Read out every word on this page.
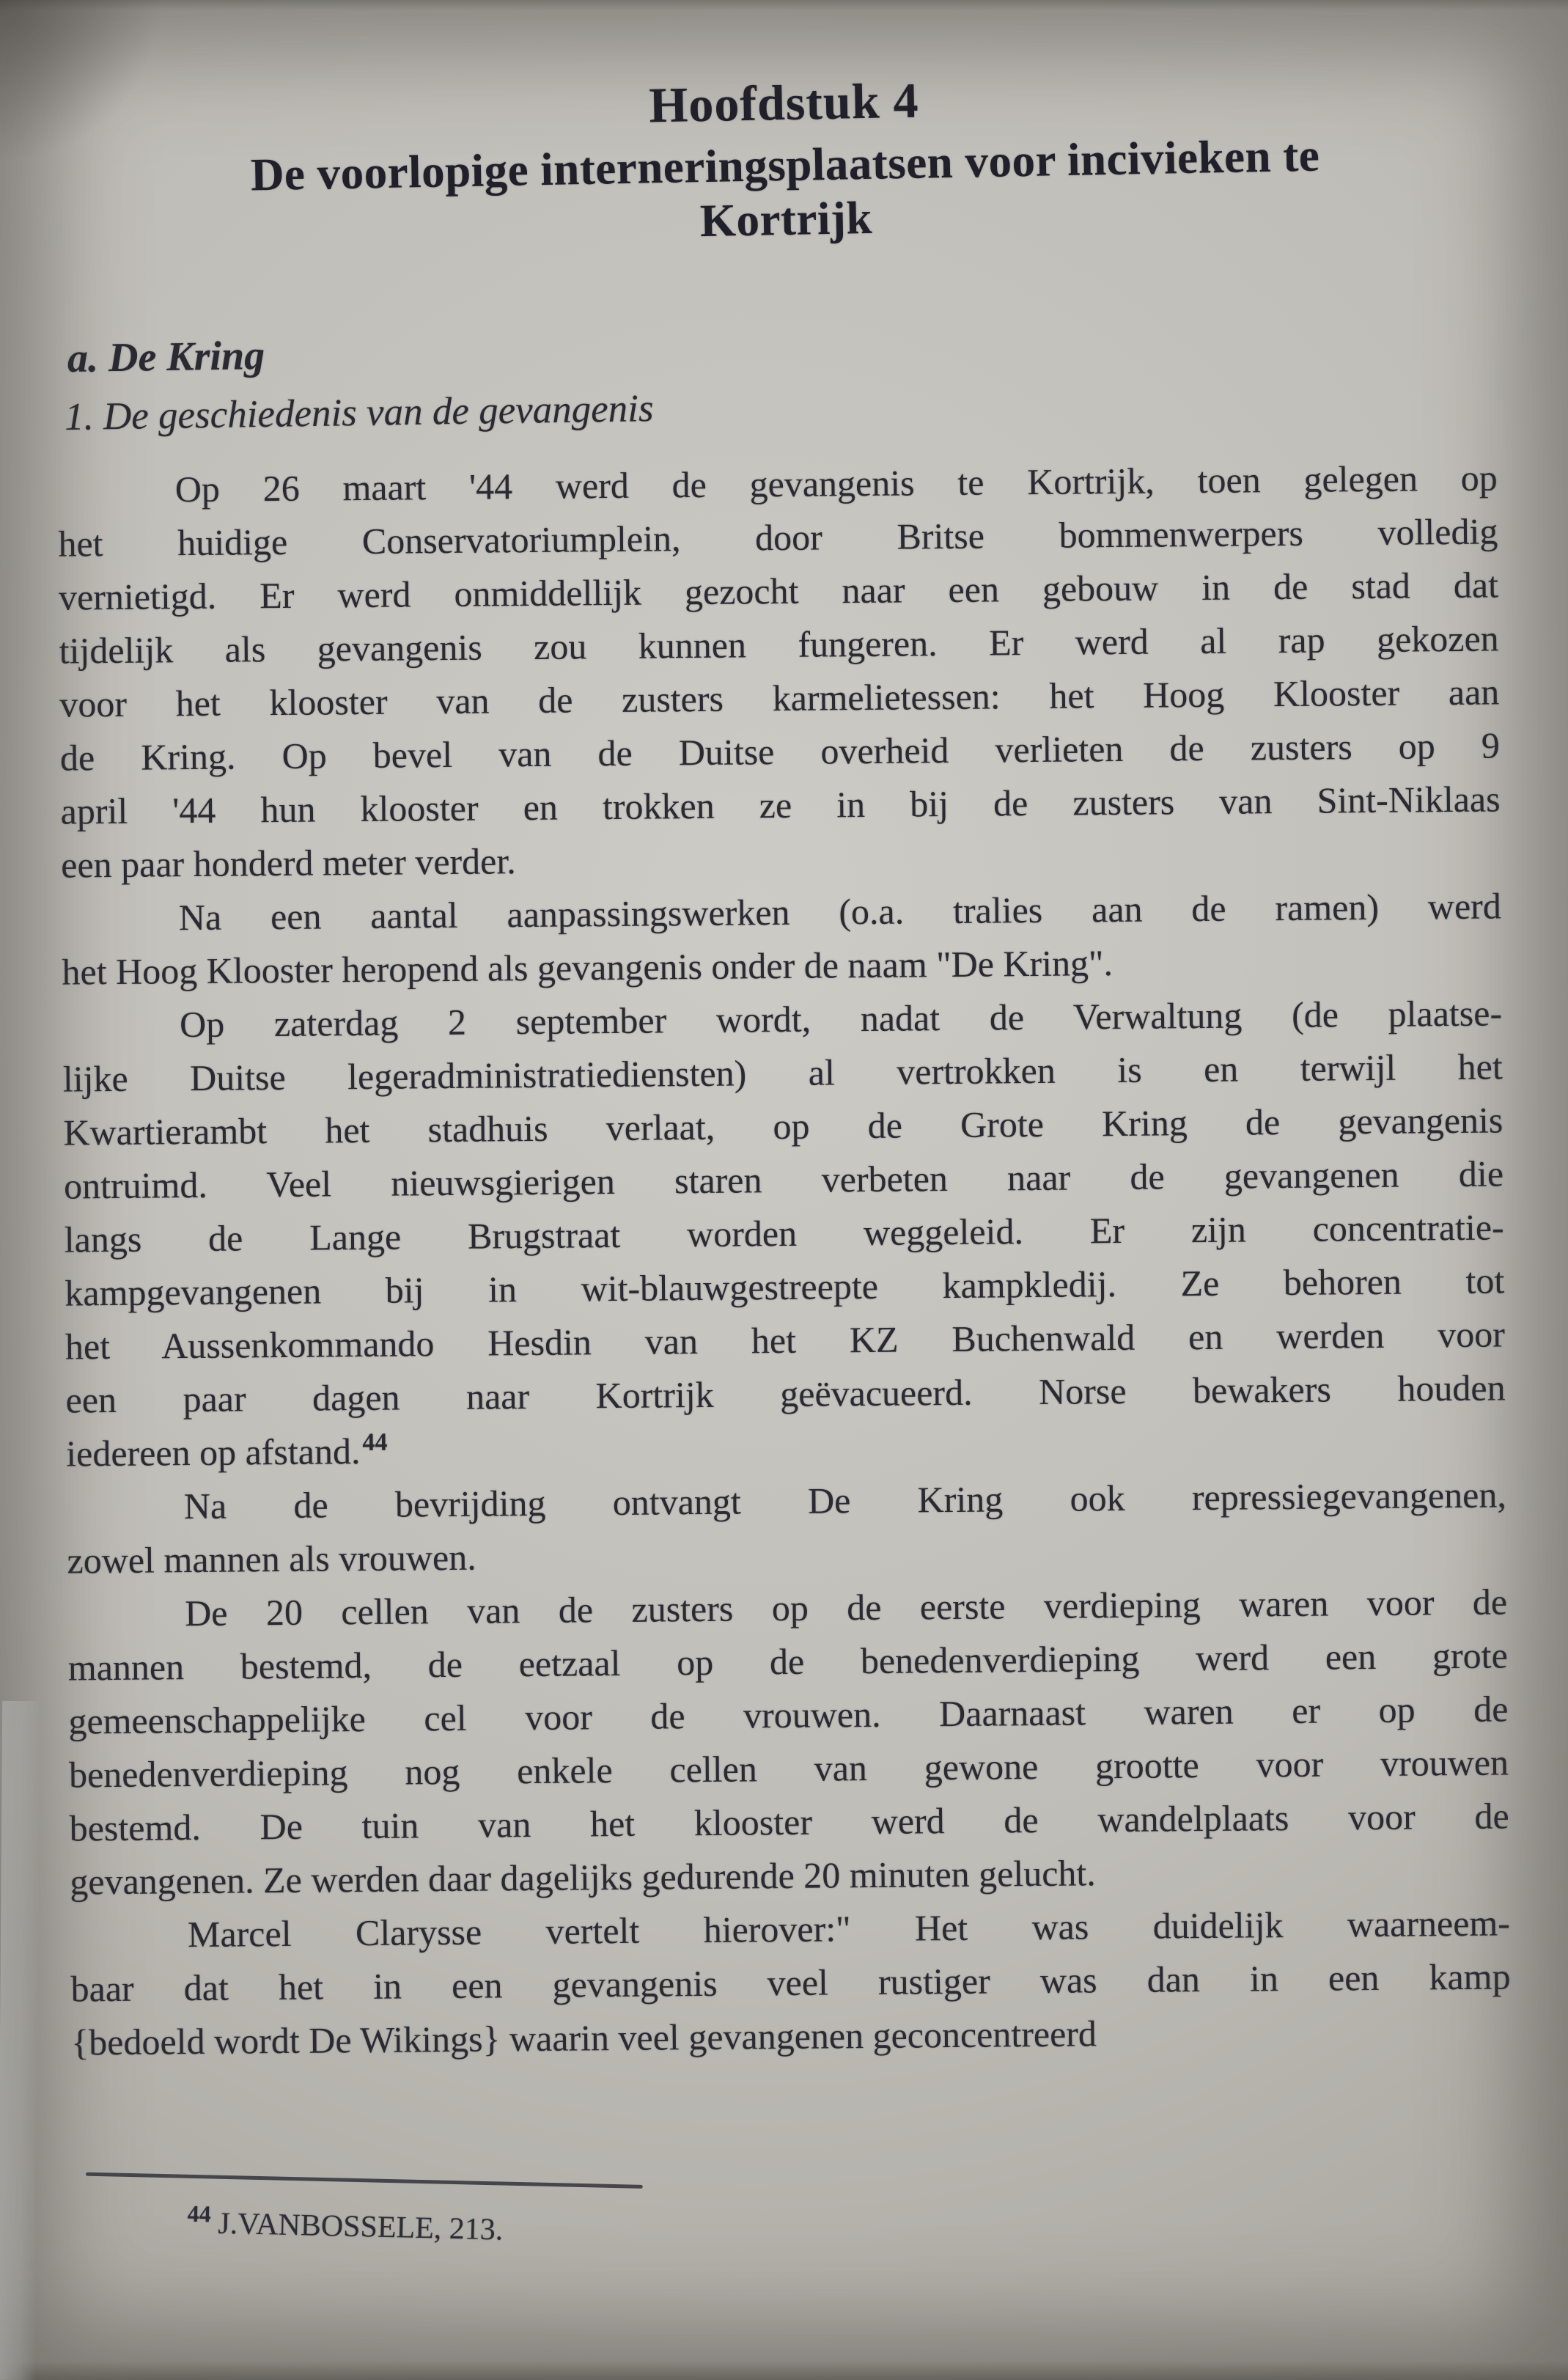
Hoofdstuk 4
De voorlopige interneringsplaatsen voor incivieken te
Kortrijk
a. De Kring
1. De geschiedenis van de gevangenis
Op 26 maart '44 werd de gevangenis te Kortrijk, toen gelegen op
het huidige Conservatoriumplein, door Britse bommenwerpers volledig
vernietigd. Er werd onmiddellijk gezocht naar een gebouw in de stad dat
tijdelijk als gevangenis zou kunnen fungeren. Er werd al rap gekozen
voor het klooster van de zusters karmelietessen: het Hoog Klooster aan
de Kring. Op bevel van de Duitse overheid verlieten de zusters op 9
april '44 hun klooster en trokken ze in bij de zusters van Sint-Niklaas
een paar honderd meter verder.
Na een aantal aanpassingswerken (o.a. tralies aan de ramen) werd
het Hoog Klooster heropend als gevangenis onder de naam "De Kring".
Op zaterdag 2 september wordt, nadat de Verwaltung (de plaatse-
lijke Duitse legeradministratiediensten) al vertrokken is en terwijl het
Kwartierambt het stadhuis verlaat, op de Grote Kring de gevangenis
ontruimd. Veel nieuwsgierigen staren verbeten naar de gevangenen die
langs de Lange Brugstraat worden weggeleid. Er zijn concentratie-
kampgevangenen bij in wit-blauwgestreepte kampkledij. Ze behoren tot
het Aussenkommando Hesdin van het KZ Buchenwald en werden voor
een paar dagen naar Kortrijk geëvacueerd. Norse bewakers houden
iedereen op afstand.$^{44}$
Na de bevrijding ontvangt De Kring ook repressiegevangenen,
zowel mannen als vrouwen.
De 20 cellen van de zusters op de eerste verdieping waren voor de
mannen bestemd, de eetzaal op de benedenverdieping werd een grote
gemeenschappelijke cel voor de vrouwen. Daarnaast waren er op de
benedenverdieping nog enkele cellen van gewone grootte voor vrouwen
bestemd. De tuin van het klooster werd de wandelplaats voor de
gevangenen. Ze werden daar dagelijks gedurende 20 minuten gelucht.
Marcel Clarysse vertelt hierover:" Het was duidelijk waarneem-
baar dat het in een gevangenis veel rustiger was dan in een kamp
{bedoeld wordt De Wikings} waarin veel gevangenen geconcentreerd
$^{44}$ J.VANBOSSELE, 213.
